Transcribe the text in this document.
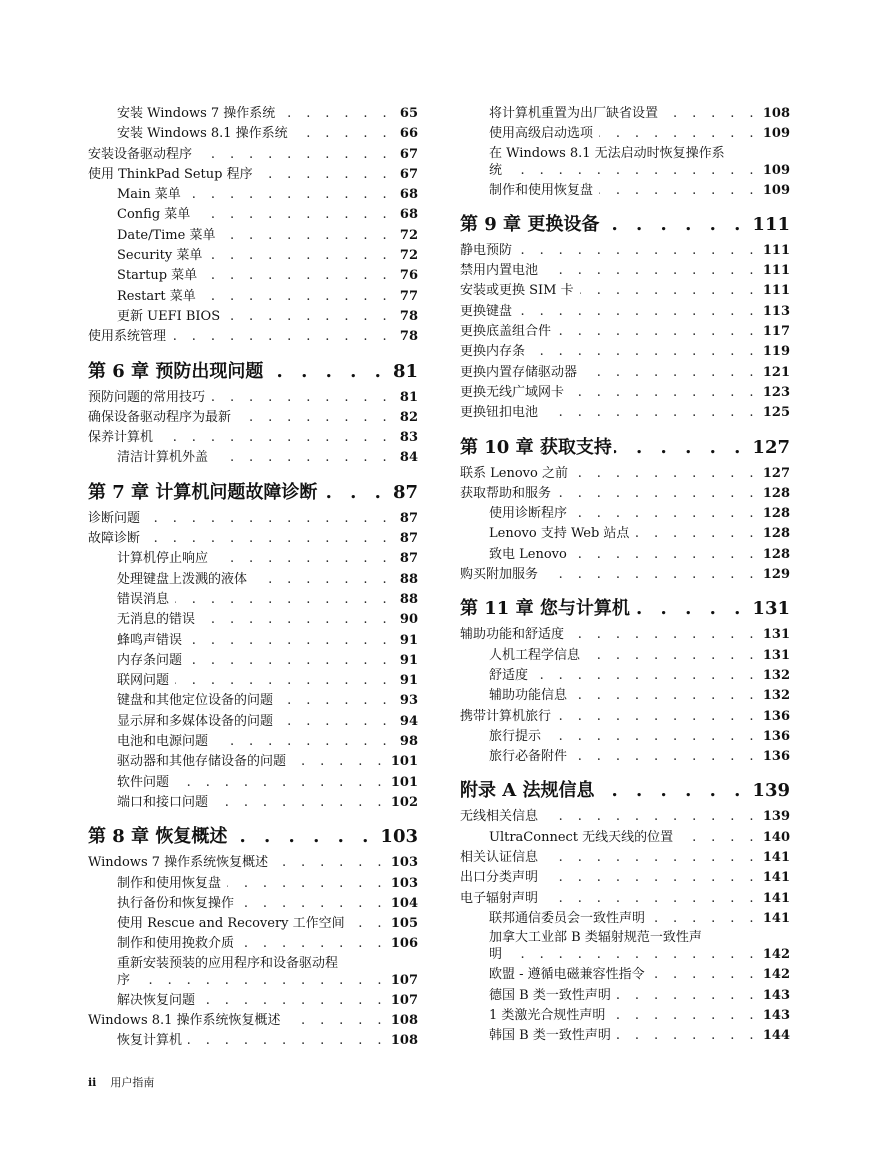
安装 Windows 7 操作系统 . . .	65
安装 Windows 8.1 操作系统 . . .	66
安装设备驱动程序 . . .	67
使用 ThinkPad Setup 程序 . . .	67
Main 菜单 . . .	68
Config 菜单 . . .	68
Date/Time 菜单 . . .	72
Security 菜单 . . .	72
Startup 菜单 . . .	76
Restart 菜单 . . .	77
更新 UEFI BIOS . . .	78
使用系统管理 . . .	78
第 6 章 预防出现问题 . . .	81
预防问题的常用技巧 . . .	81
确保设备驱动程序为最新 . . .	82
保养计算机 . . .	83
清洁计算机外盖 . . .	84
第 7 章 计算机问题故障诊断 . . .	87
诊断问题 . . .	87
故障诊断 . . .	87
计算机停止响应 . . .	87
处理键盘上泼溅的液体 . . .	88
错误消息 . . .	88
无消息的错误 . . .	90
蜂鸣声错误 . . .	91
内存条问题 . . .	91
联网问题 . . .	91
键盘和其他定位设备的问题 . . .	93
显示屏和多媒体设备的问题 . . .	94
电池和电源问题 . . .	98
驱动器和其他存储设备的问题 . . .	101
软件问题 . . .	101
端口和接口问题 . . .	102
第 8 章 恢复概述 . . .	103
Windows 7 操作系统恢复概述 . . .	103
制作和使用恢复盘 . . .	103
执行备份和恢复操作 . . .	104
使用 Rescue and Recovery 工作空间 . . .	105
制作和使用挽救介质 . . .	106
重新安装预装的应用程序和设备驱动程
序 . . .	107
解决恢复问题 . . .	107
Windows 8.1 操作系统恢复概述 . . .	108
恢复计算机 . . .	108
将计算机重置为出厂缺省设置 . . .	108
使用高级启动选项 . . .	109
在 Windows 8.1 无法启动时恢复操作系
统 . . .	109
制作和使用恢复盘 . . .	109
第 9 章 更换设备 . . .	111
静电预防 . . .	111
禁用内置电池 . . .	111
安装或更换 SIM 卡 . . .	111
更换键盘 . . .	113
更换底盖组合件 . . .	117
更换内存条 . . .	119
更换内置存储驱动器 . . .	121
更换无线广域网卡 . . .	123
更换钮扣电池 . . .	125
第 10 章 获取支持 . . .	127
联系 Lenovo 之前 . . .	127
获取帮助和服务 . . .	128
使用诊断程序 . . .	128
Lenovo 支持 Web 站点 . . .	128
致电 Lenovo . . .	128
购买附加服务 . . .	129
第 11 章 您与计算机 . . .	131
辅助功能和舒适度 . . .	131
人机工程学信息 . . .	131
舒适度 . . .	132
辅助功能信息 . . .	132
携带计算机旅行 . . .	136
旅行提示 . . .	136
旅行必备附件 . . .	136
附录 A 法规信息 . . .	139
无线相关信息 . . .	139
UltraConnect 无线天线的位置 . . .	140
相关认证信息 . . .	141
出口分类声明 . . .	141
电子辐射声明 . . .	141
联邦通信委员会一致性声明 . . .	141
加拿大工业部 B 类辐射规范一致性声
明 . . .	142
欧盟 - 遵循电磁兼容性指令 . . .	142
德国 B 类一致性声明 . . .	143
1 类激光合规性声明 . . .	143
韩国 B 类一致性声明 . . .	144
ii 用户指南
